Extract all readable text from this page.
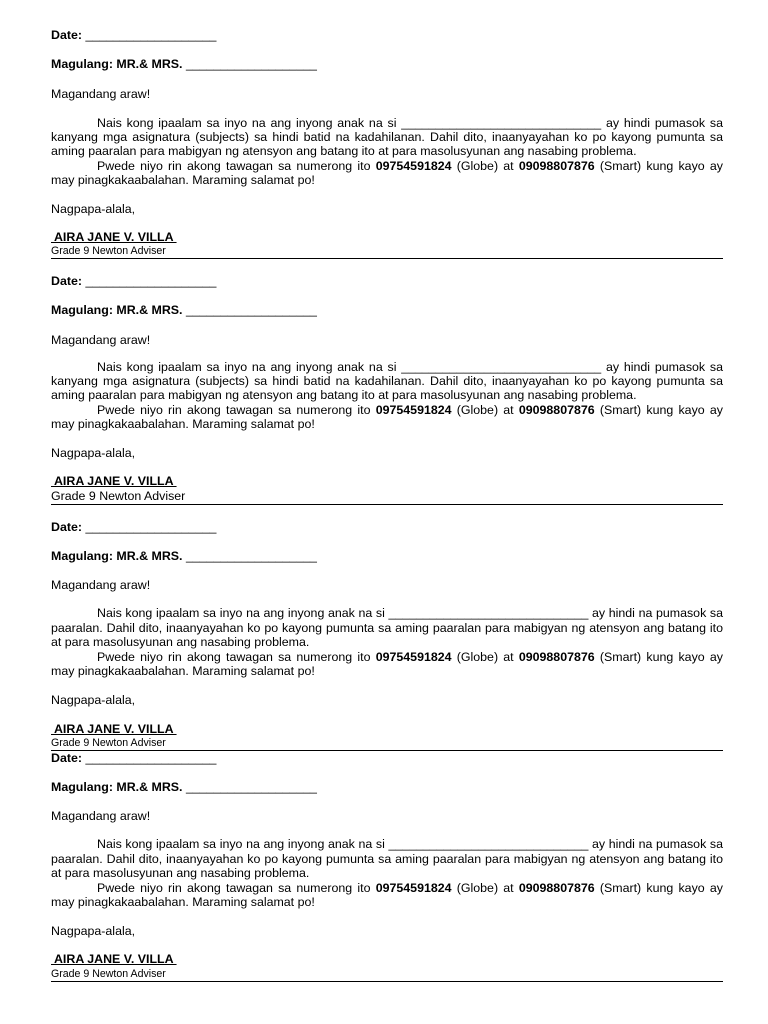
Date: ___________________
Magulang: MR.& MRS. ___________________
Magandang araw!
Nais kong ipaalam sa inyo na ang inyong anak na si _____________________________ ay hindi pumasok sa
kanyang mga asignatura (subjects) sa hindi batid na kadahilanan. Dahil dito, inaanyayahan ko po kayong pumunta sa
aming paaralan para mabigyan ng atensyon ang batang ito at para masolusyunan ang nasabing problema.
Pwede niyo rin akong tawagan sa numerong ito 09754591824 (Globe) at 09098807876 (Smart) kung kayo ay
may pinagkakaabalahan. Maraming salamat po!
Nagpapa-alala,
AIRA JANE V. VILLA
Grade 9 Newton Adviser
Date: ___________________
Magulang: MR.& MRS. ___________________
Magandang araw!
Nais kong ipaalam sa inyo na ang inyong anak na si _____________________________ ay hindi pumasok sa
kanyang mga asignatura (subjects) sa hindi batid na kadahilanan. Dahil dito, inaanyayahan ko po kayong pumunta sa
aming paaralan para mabigyan ng atensyon ang batang ito at para masolusyunan ang nasabing problema.
Pwede niyo rin akong tawagan sa numerong ito 09754591824 (Globe) at 09098807876 (Smart) kung kayo ay
may pinagkakaabalahan. Maraming salamat po!
Nagpapa-alala,
AIRA JANE V. VILLA
Grade 9 Newton Adviser
Date: ___________________
Magulang: MR.& MRS. ___________________
Magandang araw!
Nais kong ipaalam sa inyo na ang inyong anak na si _____________________________ ay hindi na pumasok sa
paaralan. Dahil dito, inaanyayahan ko po kayong pumunta sa aming paaralan para mabigyan ng atensyon ang batang ito
at para masolusyunan ang nasabing problema.
Pwede niyo rin akong tawagan sa numerong ito 09754591824 (Globe) at 09098807876 (Smart) kung kayo ay
may pinagkakaabalahan. Maraming salamat po!
Nagpapa-alala,
AIRA JANE V. VILLA
Grade 9 Newton Adviser
Date: ___________________
Magulang: MR.& MRS. ___________________
Magandang araw!
Nais kong ipaalam sa inyo na ang inyong anak na si _____________________________ ay hindi na pumasok sa
paaralan. Dahil dito, inaanyayahan ko po kayong pumunta sa aming paaralan para mabigyan ng atensyon ang batang ito
at para masolusyunan ang nasabing problema.
Pwede niyo rin akong tawagan sa numerong ito 09754591824 (Globe) at 09098807876 (Smart) kung kayo ay
may pinagkakaabalahan. Maraming salamat po!
Nagpapa-alala,
AIRA JANE V. VILLA
Grade 9 Newton Adviser
